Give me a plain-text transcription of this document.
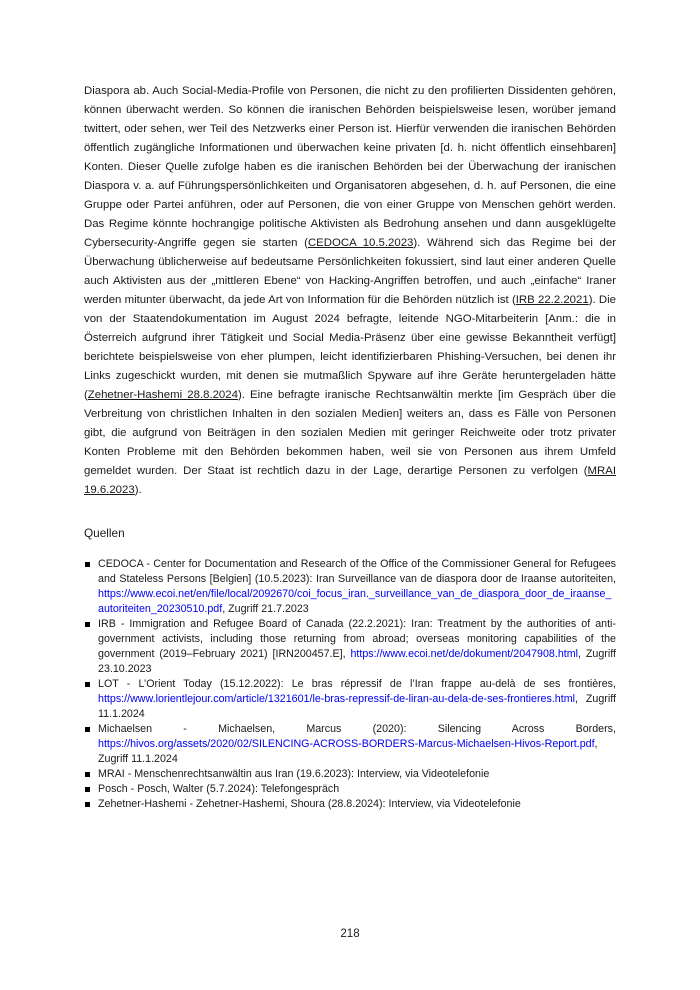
Diaspora ab. Auch Social-Media-Profile von Personen, die nicht zu den profilierten Dissidenten gehören, können überwacht werden. So können die iranischen Behörden beispielsweise lesen, worüber jemand twittert, oder sehen, wer Teil des Netzwerks einer Person ist. Hierfür verwenden die iranischen Behörden öffentlich zugängliche Informationen und überwachen keine privaten [d. h. nicht öffentlich einsehbaren] Konten. Dieser Quelle zufolge haben es die iranischen Behörden bei der Überwachung der iranischen Diaspora v. a. auf Führungspersönlichkeiten und Organisatoren abgesehen, d. h. auf Personen, die eine Gruppe oder Partei anführen, oder auf Personen, die von einer Gruppe von Menschen gehört werden. Das Regime könnte hochrangige politische Aktivisten als Bedrohung ansehen und dann ausgeklügelte Cybersecurity-Angriffe gegen sie starten (CEDOCA 10.5.2023). Während sich das Regime bei der Überwachung üblicherweise auf bedeutsame Persönlichkeiten fokussiert, sind laut einer anderen Quelle auch Aktivisten aus der „mittleren Ebene“ von Hacking-Angriffen betroffen, und auch „einfache“ Iraner werden mitunter überwacht, da jede Art von Information für die Behörden nützlich ist (IRB 22.2.2021). Die von der Staatendokumentation im August 2024 befragte, leitende NGO-Mitarbeiterin [Anm.: die in Österreich aufgrund ihrer Tätigkeit und Social Media-Präsenz über eine gewisse Bekanntheit verfügt] berichtete beispielsweise von eher plumpen, leicht identifizierbaren Phishing-Versuchen, bei denen ihr Links zugeschickt wurden, mit denen sie mutmaßlich Spyware auf ihre Geräte heruntergeladen hätte (Zehetner-Hashemi 28.8.2024). Eine befragte iranische Rechtsanwältin merkte [im Gespräch über die Verbreitung von christlichen Inhalten in den sozialen Medien] weiters an, dass es Fälle von Personen gibt, die aufgrund von Beiträgen in den sozialen Medien mit geringer Reichweite oder trotz privater Konten Probleme mit den Behörden bekommen haben, weil sie von Personen aus ihrem Umfeld gemeldet wurden. Der Staat ist rechtlich dazu in der Lage, derartige Personen zu verfolgen (MRAI 19.6.2023).

Quellen
CEDOCA - Center for Documentation and Research of the Office of the Commissioner General for Refugees and Stateless Persons [Belgien] (10.5.2023): Iran Surveillance van de diaspora door de Iraanse autoriteiten, https://www.ecoi.net/en/file/local/2092670/coi_focus_iran._surveillance_van_de_diaspora_door_de_iraanse_autoriteiten_20230510.pdf, Zugriff 21.7.2023
IRB - Immigration and Refugee Board of Canada (22.2.2021): Iran: Treatment by the authorities of anti-government activists, including those returning from abroad; overseas monitoring capabilities of the government (2019–February 2021) [IRN200457.E], https://www.ecoi.net/de/dokument/2047908.html, Zugriff 23.10.2023
LOT - L’Orient Today (15.12.2022): Le bras répressif de l’Iran frappe au-delà de ses frontières, https://www.lorientlejour.com/article/1321601/le-bras-repressif-de-liran-au-dela-de-ses-frontieres.html, Zugriff 11.1.2024
Michaelsen - Michaelsen, Marcus (2020): Silencing Across Borders, https://hivos.org/assets/2020/02/SILENCING-ACROSS-BORDERS-Marcus-Michaelsen-Hivos-Report.pdf, Zugriff 11.1.2024
MRAI - Menschenrechtsanwältin aus Iran (19.6.2023): Interview, via Videotelefonie
Posch - Posch, Walter (5.7.2024): Telefongespräch
Zehetner-Hashemi - Zehetner-Hashemi, Shoura (28.8.2024): Interview, via Videotelefonie
218
